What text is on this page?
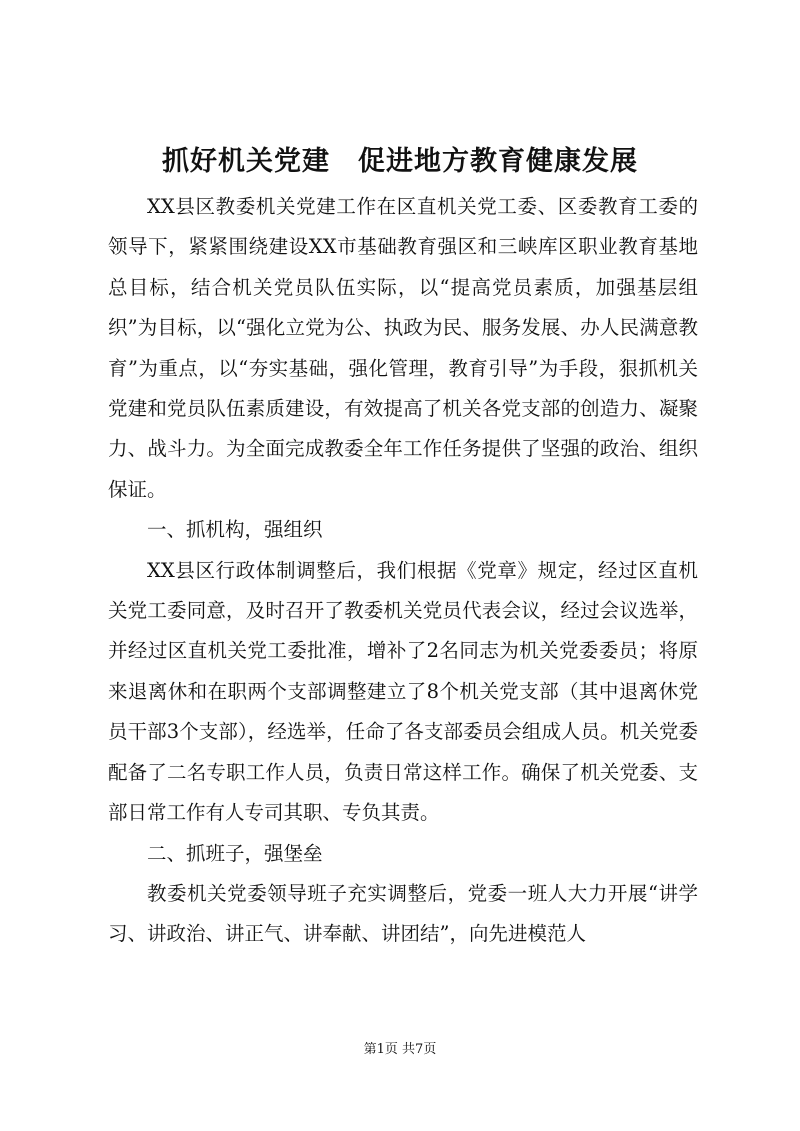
抓好机关党建　促进地方教育健康发展

XX县区教委机关党建工作在区直机关党工委、区委教育工委的领导下，紧紧围绕建设XX市基础教育强区和三峡库区职业教育基地总目标，结合机关党员队伍实际，以“提高党员素质，加强基层组织”为目标，以“强化立党为公、执政为民、服务发展、办人民满意教育”为重点，以“夯实基础，强化管理，教育引导”为手段，狠抓机关党建和党员队伍素质建设，有效提高了机关各党支部的创造力、凝聚力、战斗力。为全面完成教委全年工作任务提供了坚强的政治、组织保证。

一、抓机构，强组织

XX县区行政体制调整后，我们根据《党章》规定，经过区直机关党工委同意，及时召开了教委机关党员代表会议，经过会议选举，并经过区直机关党工委批准，增补了2名同志为机关党委委员；将原来退离休和在职两个支部调整建立了8个机关党支部（其中退离休党员干部3个支部），经选举，任命了各支部委员会组成人员。机关党委配备了二名专职工作人员，负责日常这样工作。确保了机关党委、支部日常工作有人专司其职、专负其责。

二、抓班子，强堡垒

教委机关党委领导班子充实调整后，党委一班人大力开展“讲学习、讲政治、讲正气、讲奉献、讲团结”，向先进模范人

第1页 共7页
